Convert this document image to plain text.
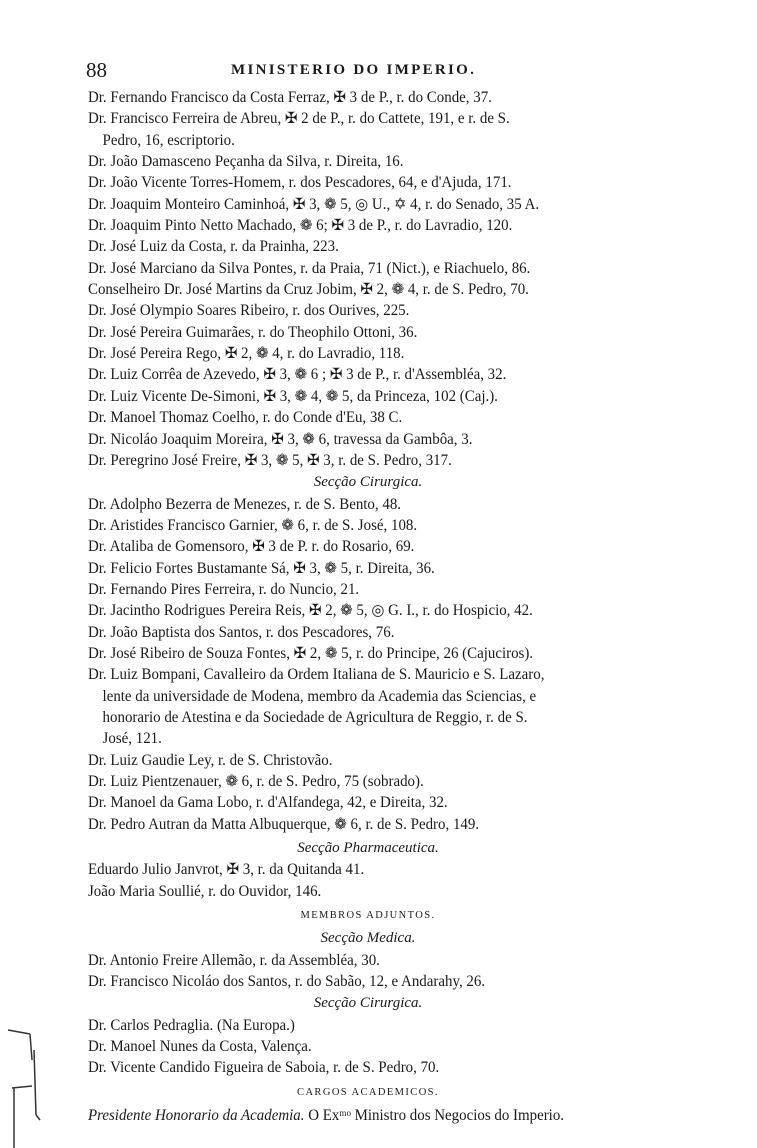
88	MINISTERIO DO IMPERIO.
Dr. Fernando Francisco da Costa Ferraz, ✠ 3 de P., r. do Conde, 37.
Dr. Francisco Ferreira de Abreu, ✠ 2 de P., r. do Cattete, 191, e r. de S.
Pedro, 16, escriptorio.
Dr. João Damasceno Peçanha da Silva, r. Direita, 16.
Dr. João Vicente Torres-Homem, r. dos Pescadores, 64, e d'Ajuda, 171.
Dr. Joaquim Monteiro Caminhoá, ✠ 3, ❁ 5, ◎ U., ✡ 4, r. do Senado, 35 A.
Dr. Joaquim Pinto Netto Machado, ❁ 6; ✠ 3 de P., r. do Lavradio, 120.
Dr. José Luiz da Costa, r. da Prainha, 223.
Dr. José Marciano da Silva Pontes, r. da Praia, 71 (Nict.), e Riachuelo, 86.
Conselheiro Dr. José Martins da Cruz Jobim, ✠ 2, ❁ 4, r. de S. Pedro, 70.
Dr. José Olympio Soares Ribeiro, r. dos Ourives, 225.
Dr. José Pereira Guimarães, r. do Theophilo Ottoni, 36.
Dr. José Pereira Rego, ✠ 2, ❁ 4, r. do Lavradio, 118.
Dr. Luiz Corrêa de Azevedo, ✠ 3, ❁ 6 ; ✠ 3 de P., r. d'Assembléa, 32.
Dr. Luiz Vicente De-Simoni, ✠ 3, ❁ 4, ❁ 5, da Princeza, 102 (Caj.).
Dr. Manoel Thomaz Coelho, r. do Conde d'Eu, 38 C.
Dr. Nicoláo Joaquim Moreira, ✠ 3, ❁ 6, travessa da Gambôa, 3.
Dr. Peregrino José Freire, ✠ 3, ❁ 5, ✠ 3, r. de S. Pedro, 317.
Secção Cirurgica.
Dr. Adolpho Bezerra de Menezes, r. de S. Bento, 48.
Dr. Aristides Francisco Garnier, ❁ 6, r. de S. José, 108.
Dr. Ataliba de Gomensoro, ✠ 3 de P. r. do Rosario, 69.
Dr. Felicio Fortes Bustamante Sá, ✠ 3, ❁ 5, r. Direita, 36.
Dr. Fernando Pires Ferreira, r. do Nuncio, 21.
Dr. Jacintho Rodrigues Pereira Reis, ✠ 2, ❁ 5, ◎ G. I., r. do Hospicio, 42.
Dr. João Baptista dos Santos, r. dos Pescadores, 76.
Dr. José Ribeiro de Souza Fontes, ✠ 2, ❁ 5, r. do Principe, 26 (Cajuciros).
Dr. Luiz Bompani, Cavalleiro da Ordem Italiana de S. Mauricio e S. Lazaro,
lente da universidade de Modena, membro da Academia das Sciencias, e
honorario de Atestina e da Sociedade de Agricultura de Reggio, r. de S.
José, 121.
Dr. Luiz Gaudie Ley, r. de S. Christovão.
Dr. Luiz Pientzenauer, ❁ 6, r. de S. Pedro, 75 (sobrado).
Dr. Manoel da Gama Lobo, r. d'Alfandega, 42, e Direita, 32.
Dr. Pedro Autran da Matta Albuquerque, ❁ 6, r. de S. Pedro, 149.
Secção Pharmaceutica.
Eduardo Julio Janvrot, ✠ 3, r. da Quitanda 41.
João Maria Soullié, r. do Ouvidor, 146.
MEMBROS ADJUNTOS.
Secção Medica.
Dr. Antonio Freire Allemão, r. da Assembléa, 30.
Dr. Francisco Nicoláo dos Santos, r. do Sabão, 12, e Andarahy, 26.
Secção Cirurgica.
Dr. Carlos Pedraglia. (Na Europa.)
Dr. Manoel Nunes da Costa, Valença.
Dr. Vicente Candido Figueira de Saboia, r. de S. Pedro, 70.
CARGOS ACADEMICOS.
Presidente Honorario da Academia. O Exᵐᵒ Ministro dos Negocios do Imperio.
